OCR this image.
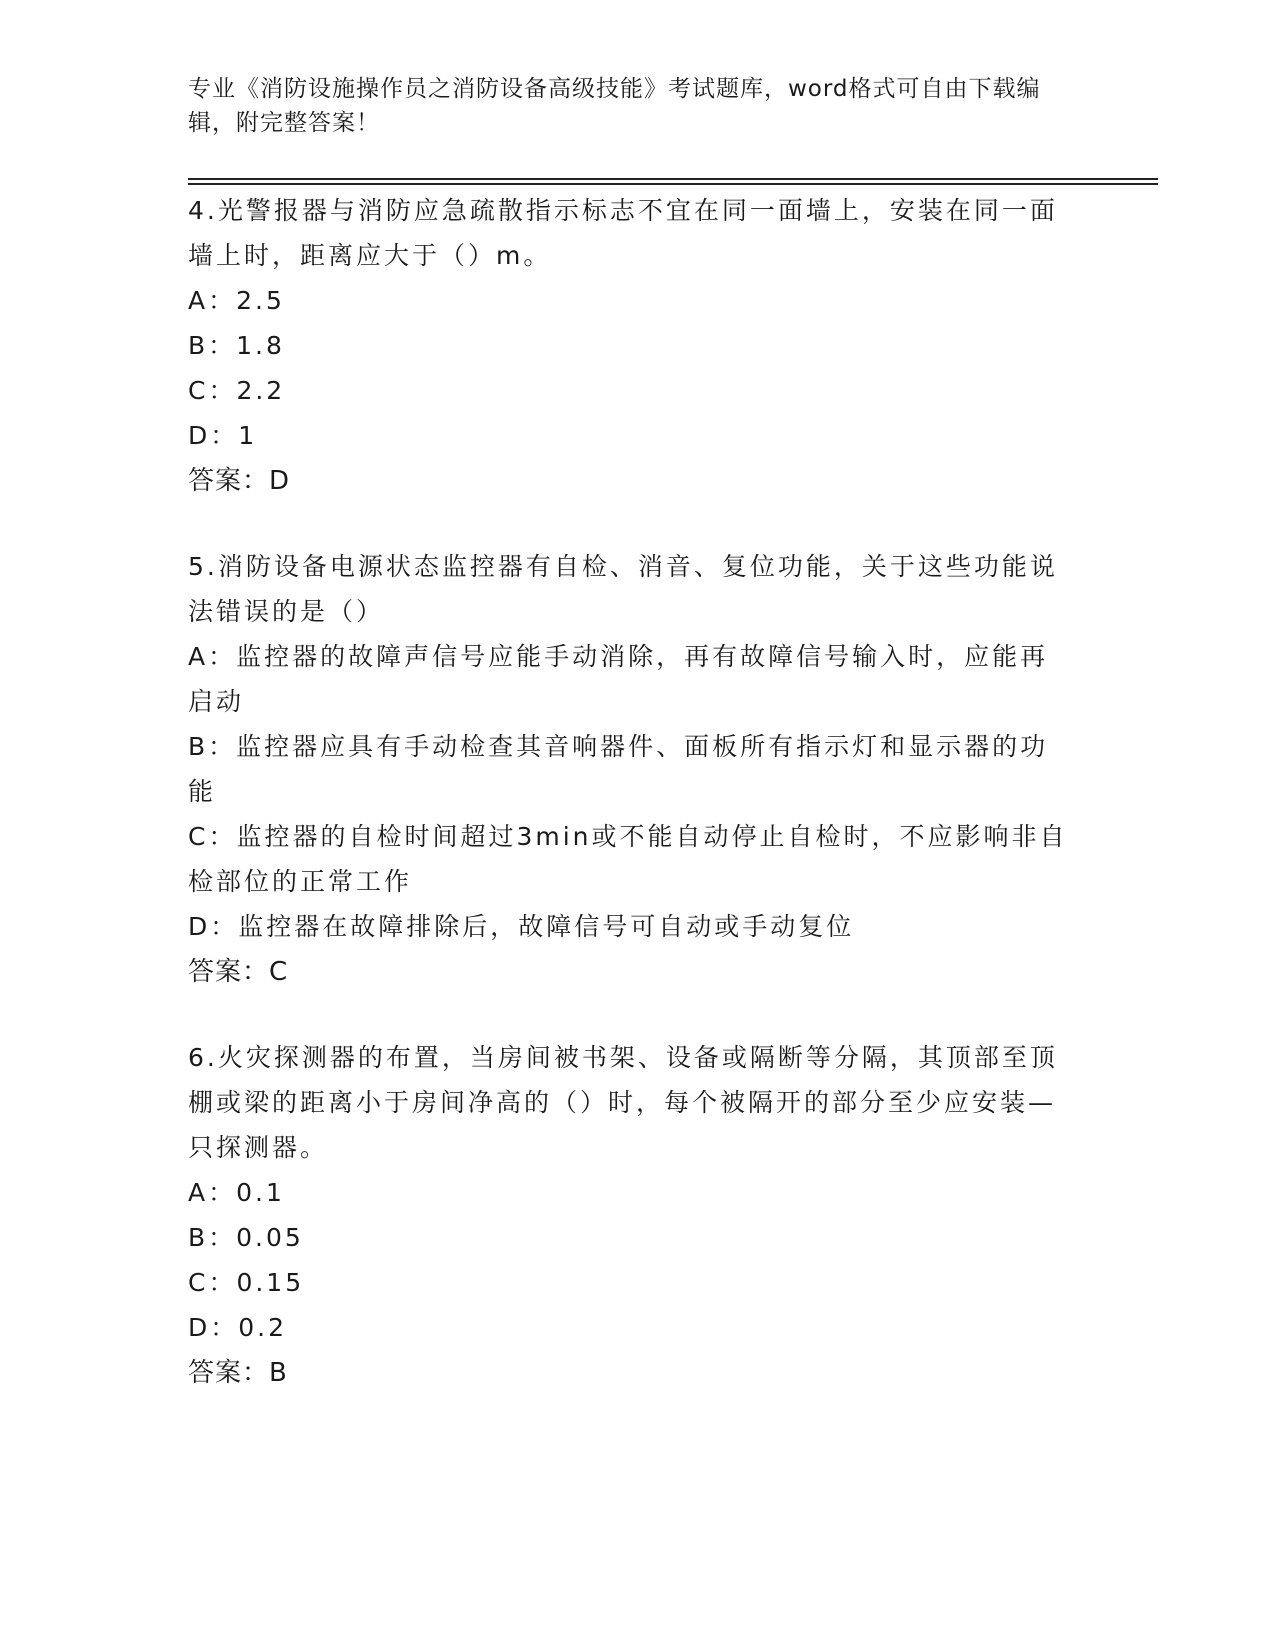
专业《消防设施操作员之消防设备高级技能》考试题库，word格式可自由下载编辑，附完整答案！
4.光警报器与消防应急疏散指示标志不宜在同一面墙上，安装在同一面墙上时，距离应大于（）m。
A：2.5
B：1.8
C：2.2
D：1
答案：D
5.消防设备电源状态监控器有自检、消音、复位功能，关于这些功能说法错误的是（）
A：监控器的故障声信号应能手动消除，再有故障信号输入时，应能再启动
B：监控器应具有手动检查其音响器件、面板所有指示灯和显示器的功能
C：监控器的自检时间超过3min或不能自动停止自检时，不应影响非自检部位的正常工作
D：监控器在故障排除后，故障信号可自动或手动复位
答案：C
6.火灾探测器的布置，当房间被书架、设备或隔断等分隔，其顶部至顶棚或梁的距离小于房间净高的（）时，每个被隔开的部分至少应安装—只探测器。
A：0.1
B：0.05
C：0.15
D：0.2
答案：B
